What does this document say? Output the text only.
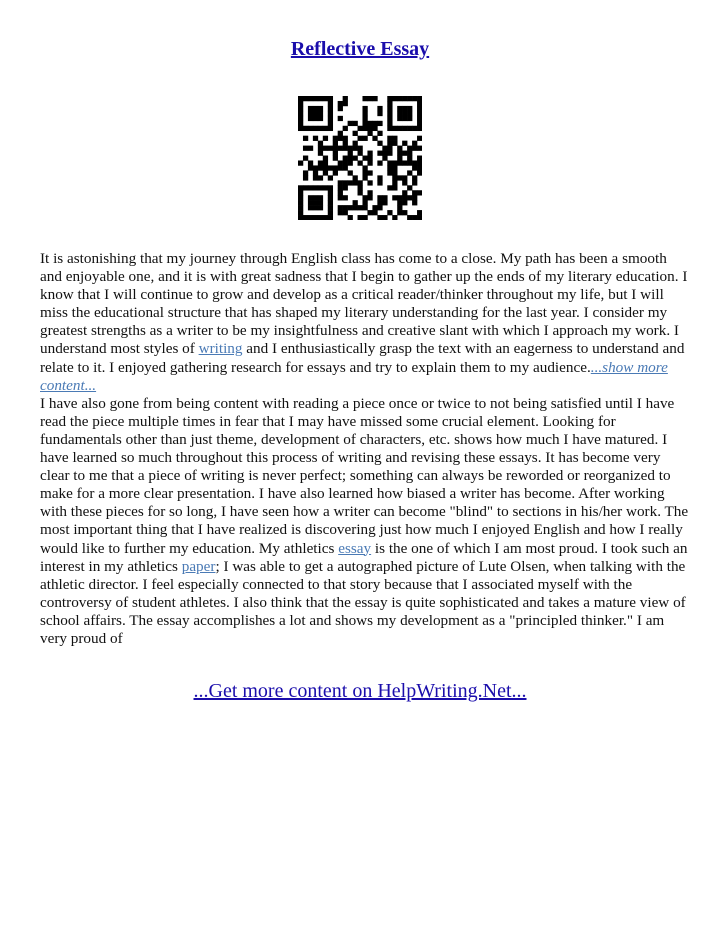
Reflective Essay
It is astonishing that my journey through English class has come to a close. My path has been a smooth and enjoyable one, and it is with great sadness that I begin to gather up the ends of my literary education. I know that I will continue to grow and develop as a critical reader/thinker throughout my life, but I will miss the educational structure that has shaped my literary understanding for the last year. I consider my greatest strengths as a writer to be my insightfulness and creative slant with which I approach my work. I understand most styles of writing and I enthusiastically grasp the text with an eagerness to understand and relate to it. I enjoyed gathering research for essays and try to explain them to my audience....show more content...
I have also gone from being content with reading a piece once or twice to not being satisfied until I have read the piece multiple times in fear that I may have missed some crucial element. Looking for fundamentals other than just theme, development of characters, etc. shows how much I have matured. I have learned so much throughout this process of writing and revising these essays. It has become very clear to me that a piece of writing is never perfect; something can always be reworded or reorganized to make for a more clear presentation. I have also learned how biased a writer has become. After working with these pieces for so long, I have seen how a writer can become "blind" to sections in his/her work. The most important thing that I have realized is discovering just how much I enjoyed English and how I really would like to further my education. My athletics essay is the one of which I am most proud. I took such an interest in my athletics paper; I was able to get a autographed picture of Lute Olsen, when talking with the athletic director. I feel especially connected to that story because that I associated myself with the controversy of student athletes. I also think that the essay is quite sophisticated and takes a mature view of school affairs. The essay accomplishes a lot and shows my development as a "principled thinker." I am very proud of
...Get more content on HelpWriting.Net...
